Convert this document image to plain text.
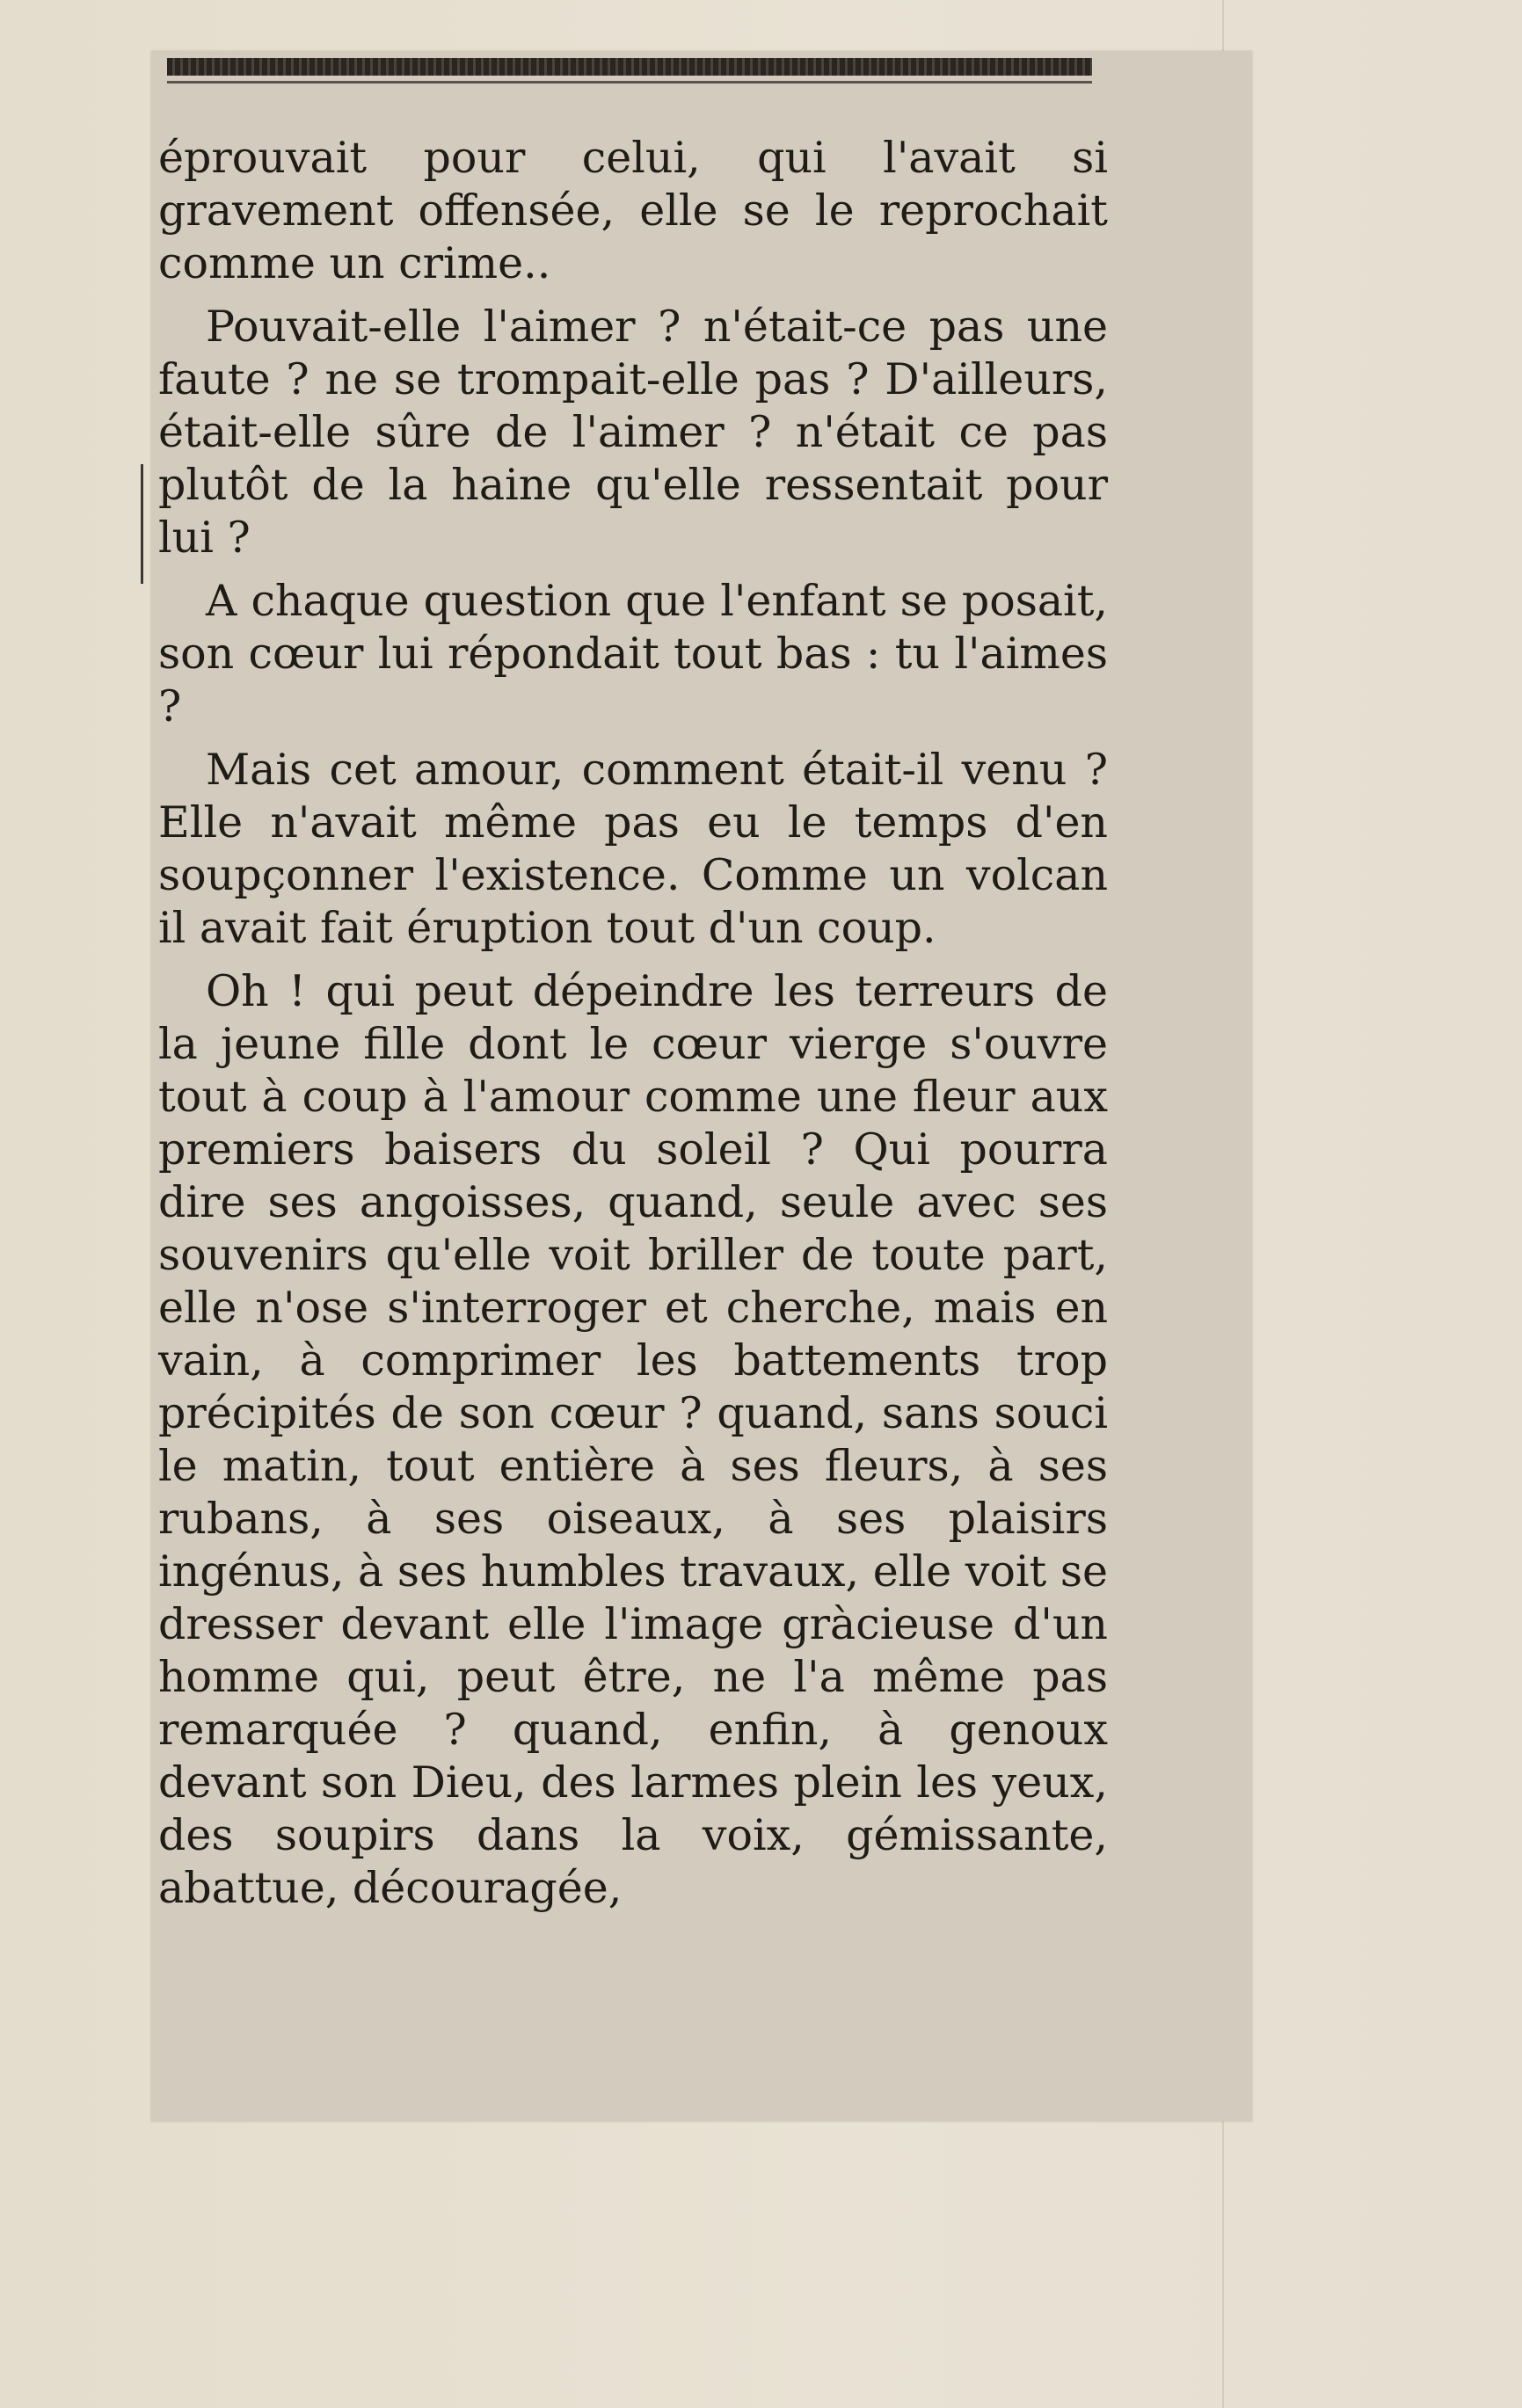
éprouvait pour celui, qui l'avait si gravement offensée, elle se le reprochait comme un crime..

Pouvait-elle l'aimer ? n'était-ce pas une faute ? ne se trompait-elle pas ? D'ailleurs, était-elle sûre de l'aimer ? n'était ce pas plutôt de la haine qu'elle ressentait pour lui ?

A chaque question que l'enfant se posait, son cœur lui répondait tout bas : tu l'aimes ?

Mais cet amour, comment était-il venu ? Elle n'avait même pas eu le temps d'en soupçonner l'existence. Comme un volcan il avait fait éruption tout d'un coup.

Oh ! qui peut dépeindre les terreurs de la jeune fille dont le cœur vierge s'ouvre tout à coup à l'amour comme une fleur aux premiers baisers du soleil ? Qui pourra dire ses angoisses, quand, seule avec ses souvenirs qu'elle voit briller de toute part, elle n'ose s'interroger et cherche, mais en vain, à comprimer les battements trop précipités de son cœur ? quand, sans souci le matin, tout entière à ses fleurs, à ses rubans, à ses oiseaux, à ses plaisirs ingénus, à ses humbles travaux, elle voit se dresser devant elle l'image gràcieuse d'un homme qui, peut être, ne l'a même pas remarquée ? quand, enfin, à genoux devant son Dieu, des larmes plein les yeux, des soupirs dans la voix, gémissante, abattue, découragée,
